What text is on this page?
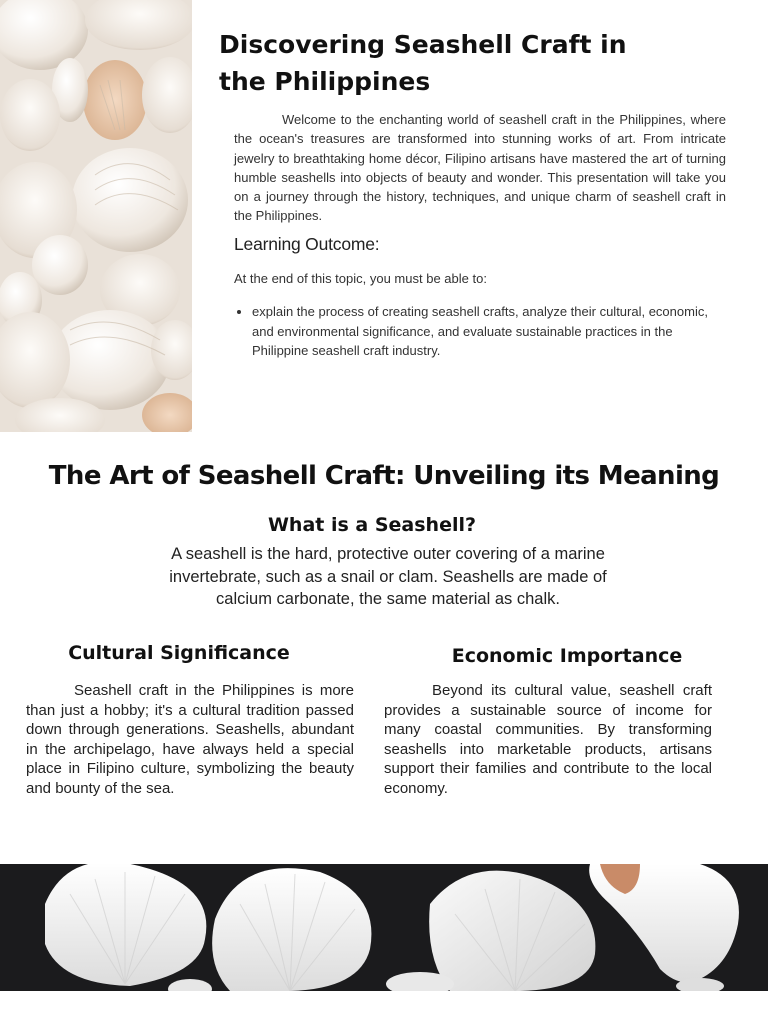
Discovering Seashell Craft in the Philippines

Welcome to the enchanting world of seashell craft in the Philippines, where the ocean's treasures are transformed into stunning works of art. From intricate jewelry to breathtaking home décor, Filipino artisans have mastered the art of turning humble seashells into objects of beauty and wonder. This presentation will take you on a journey through the history, techniques, and unique charm of seashell craft in the Philippines.

Learning Outcome:

At the end of this topic, you must be able to:

• explain the process of creating seashell crafts, analyze their cultural, economic, and environmental significance, and evaluate sustainable practices in the Philippine seashell craft industry.
The Art of Seashell Craft: Unveiling its Meaning
What is a Seashell?

A seashell is the hard, protective outer covering of a marine invertebrate, such as a snail or clam. Seashells are made of calcium carbonate, the same material as chalk.

Cultural Significance

Seashell craft in the Philippines is more than just a hobby; it's a cultural tradition passed down through generations. Seashells, abundant in the archipelago, have always held a special place in Filipino culture, symbolizing the beauty and bounty of the sea.

Economic Importance

Beyond its cultural value, seashell craft provides a sustainable source of income for many coastal communities. By transforming seashells into marketable products, artisans support their families and contribute to the local economy.
